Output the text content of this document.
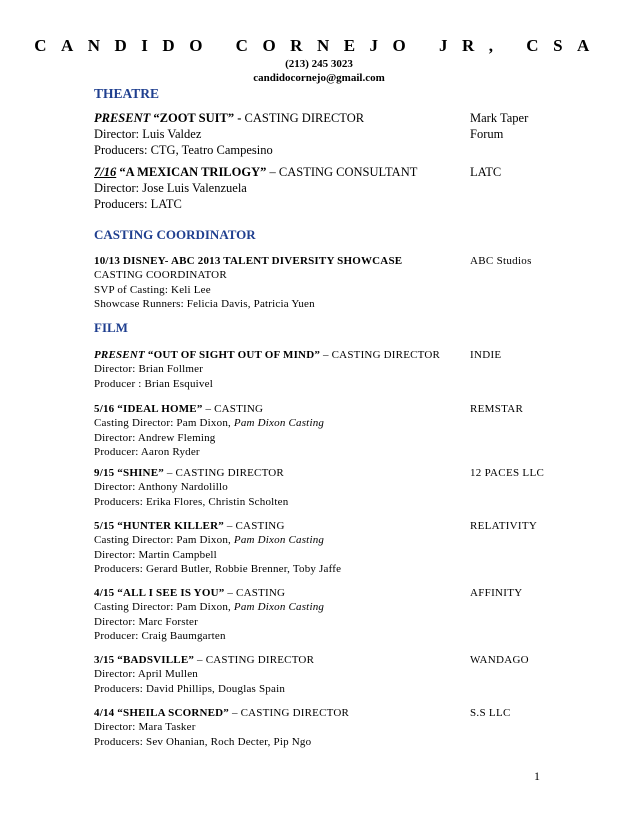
CANDIDO CORNEJO JR, CSA
(213) 245 3023
candidocornejo@gmail.com
THEATRE
PRESENT “ZOOT SUIT” - CASTING DIRECTOR
Director: Luis Valdez
Producers: CTG, Teatro Campesino
Mark Taper
Forum
7/16 “A MEXICAN TRILOGY” – CASTING CONSULTANT
Director: Jose Luis Valenzuela
Producers: LATC
LATC
CASTING COORDINATOR
10/13 DISNEY- ABC 2013 TALENT DIVERSITY SHOWCASE
CASTING COORDINATOR
SVP of Casting: Keli Lee
Showcase Runners: Felicia Davis, Patricia Yuen
ABC Studios
FILM
PRESENT “OUT OF SIGHT OUT OF MIND” – CASTING DIRECTOR
Director: Brian Follmer
Producer : Brian Esquivel
INDIE
5/16 “IDEAL HOME” – CASTING
Casting Director: Pam Dixon, Pam Dixon Casting
Director: Andrew Fleming
Producer: Aaron Ryder
REMSTAR
9/15 “SHINE” – CASTING DIRECTOR
Director: Anthony Nardolillo
Producers: Erika Flores, Christin Scholten
12 PACES LLC
5/15 “HUNTER KILLER” – CASTING
Casting Director: Pam Dixon, Pam Dixon Casting
Director: Martin Campbell
Producers: Gerard Butler, Robbie Brenner, Toby Jaffe
RELATIVITY
4/15 “ALL I SEE IS YOU” – CASTING
Casting Director: Pam Dixon, Pam Dixon Casting
Director: Marc Forster
Producer: Craig Baumgarten
AFFINITY
3/15 “BADSVILLE” – CASTING DIRECTOR
Director: April Mullen
Producers: David Phillips, Douglas Spain
WANDAGO
4/14 “SHEILA SCORNED” – CASTING DIRECTOR
Director: Mara Tasker
Producers: Sev Ohanian, Roch Decter, Pip Ngo
S.S LLC
1
